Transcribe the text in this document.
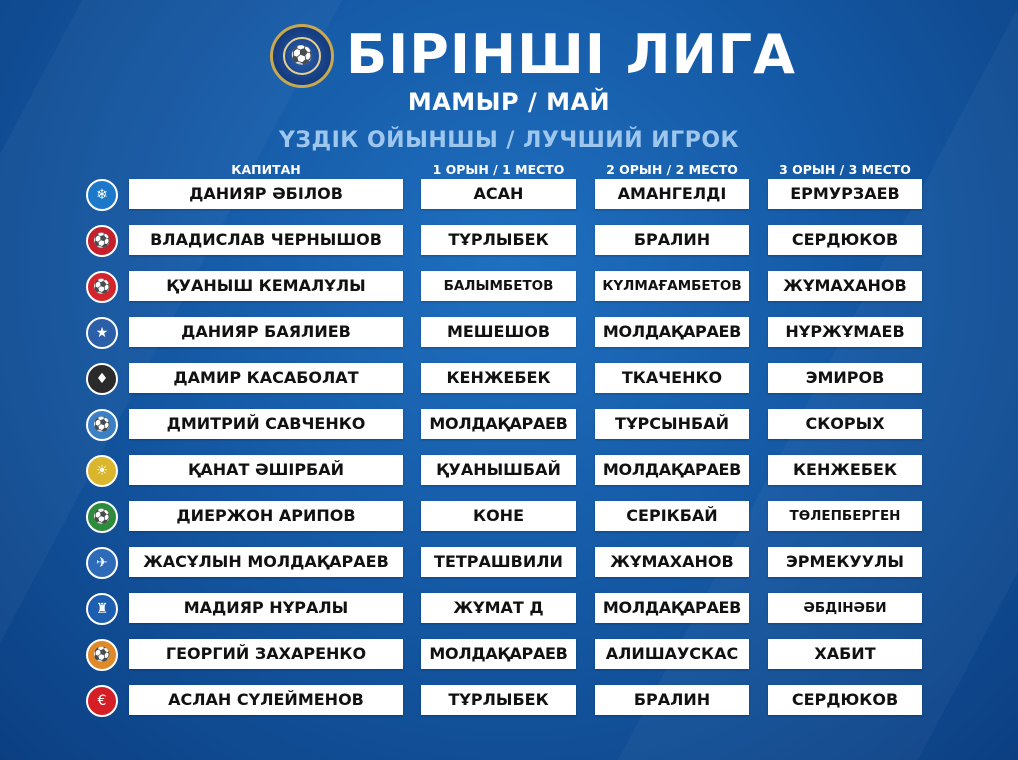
⚽ БІРІНШІ ЛИГА
МАМЫР / МАЙ
ҮЗДІК ОЙЫНШЫ / ЛУЧШИЙ ИГРОК
КАПИТАН	1 ОРЫН / 1 МЕСТО	2 ОРЫН / 2 МЕСТО	3 ОРЫН / 3 МЕСТО
❄	ДАНИЯР ӘБІЛОВ	АСАН	АМАНГЕЛДІ	ЕРМУРЗАЕВ
⚽	ВЛАДИСЛАВ ЧЕРНЫШОВ	ТҰРЛЫБЕК	БРАЛИН	СЕРДЮКОВ
⚽	ҚУАНЫШ КЕМАЛҰЛЫ	БАЛЫМБЕТОВ	КҮЛМАҒАМБЕТОВ	ЖҰМАХАНОВ
★	ДАНИЯР БАЯЛИЕВ	МЕШЕШОВ	МОЛДАҚАРАЕВ	НҰРЖҰМАЕВ
♦	ДАМИР КАСАБОЛАТ	КЕНЖЕБЕК	ТКАЧЕНКО	ЭМИРОВ
⚽	ДМИТРИЙ САВЧЕНКО	МОЛДАҚАРАЕВ	ТҰРСЫНБАЙ	СКОРЫХ
☀	ҚАНАТ ӘШІРБАЙ	ҚУАНЫШБАЙ	МОЛДАҚАРАЕВ	КЕНЖЕБЕК
⚽	ДИЕРЖОН АРИПОВ	КОНЕ	СЕРІКБАЙ	ТӨЛЕПБЕРГЕН
✈	ЖАСҰЛЫН МОЛДАҚАРАЕВ	ТЕТРАШВИЛИ	ЖҰМАХАНОВ	ЭРМЕКУУЛЫ
♜	МАДИЯР НҰРАЛЫ	ЖҰМАТ Д	МОЛДАҚАРАЕВ	ӘБДІНӘБИ
⚽	ГЕОРГИЙ ЗАХАРЕНКО	МОЛДАҚАРАЕВ	АЛИШАУСКАС	ХАБИТ
€	АСЛАН СҮЛЕЙМЕНОВ	ТҰРЛЫБЕК	БРАЛИН	СЕРДЮКОВ
